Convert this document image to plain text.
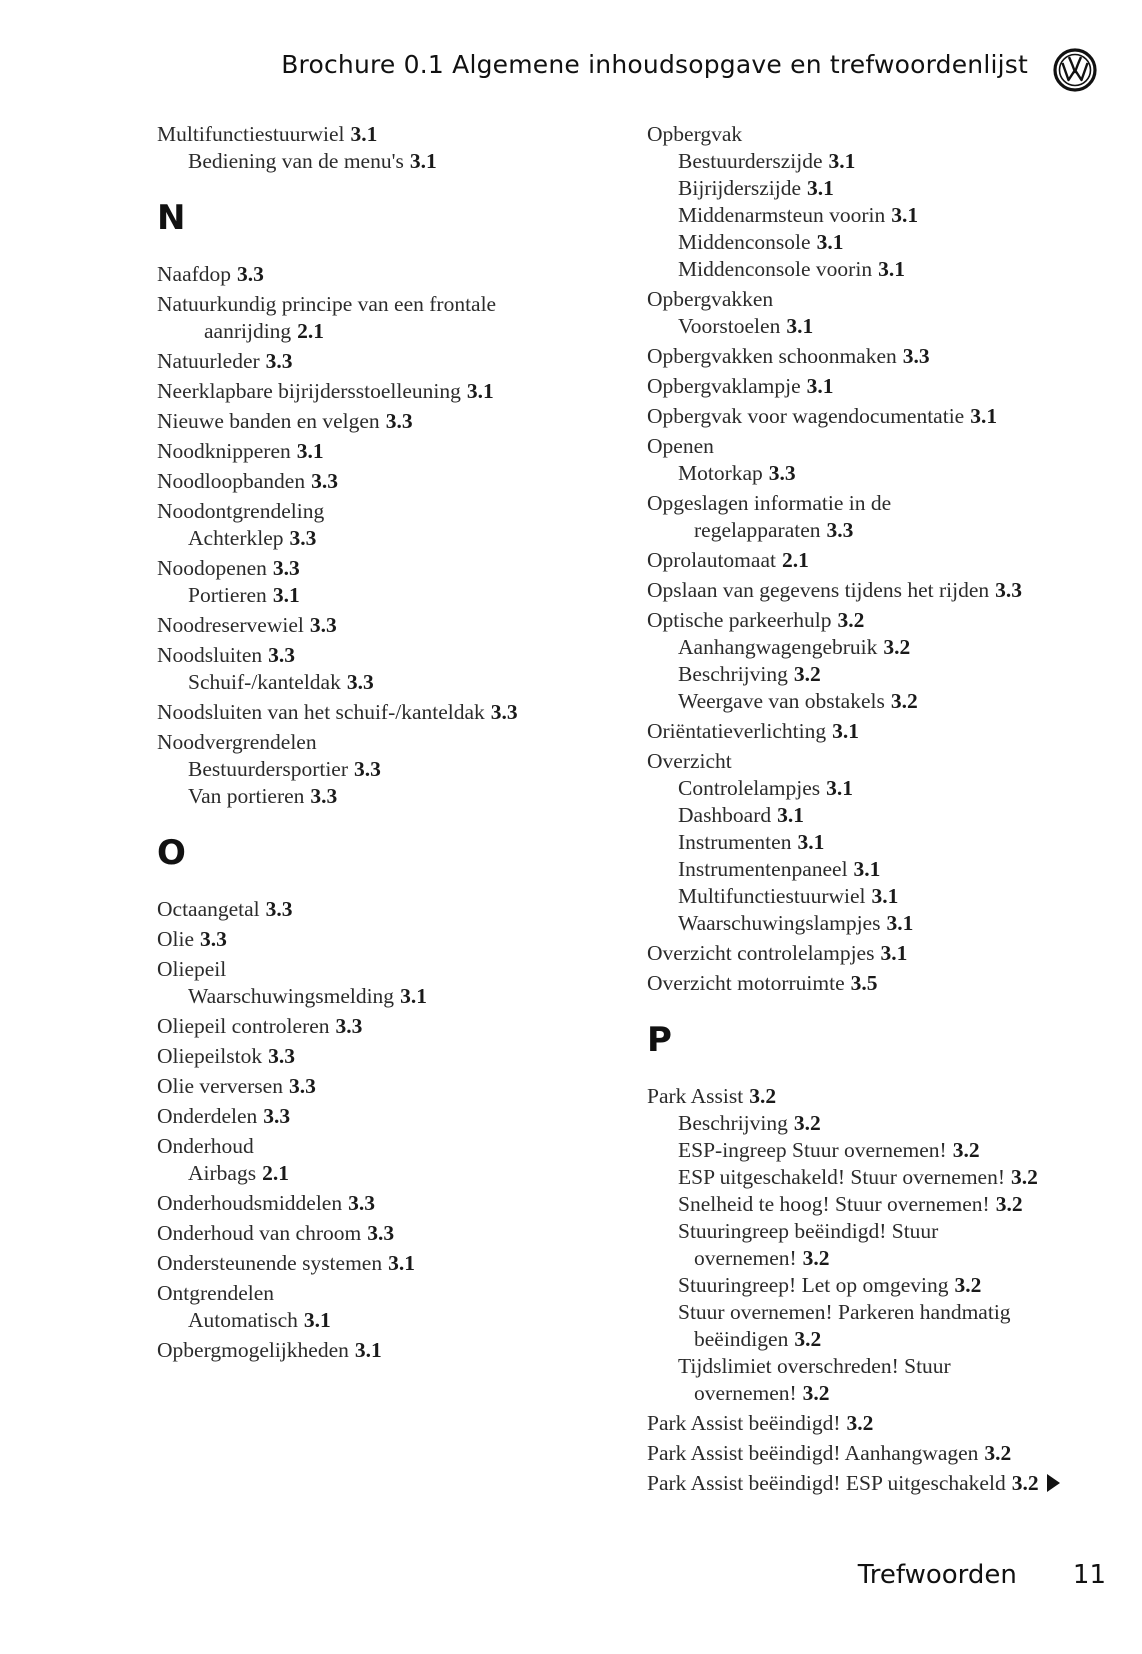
Brochure 0.1 Algemene inhoudsopgave en trefwoordenlijst
Multifunctiestuurwiel 3.1
Bediening van de menu's 3.1
N
Naafdop 3.3
Natuurkundig principe van een frontale
aanrijding 2.1
Natuurleder 3.3
Neerklapbare bijrijdersstoelleuning 3.1
Nieuwe banden en velgen 3.3
Noodknipperen 3.1
Noodloopbanden 3.3
Noodontgrendeling
Achterklep 3.3
Noodopenen 3.3
Portieren 3.1
Noodreservewiel 3.3
Noodsluiten 3.3
Schuif-/kanteldak 3.3
Noodsluiten van het schuif-/kanteldak 3.3
Noodvergrendelen
Bestuurdersportier 3.3
Van portieren 3.3
O
Octaangetal 3.3
Olie 3.3
Oliepeil
Waarschuwingsmelding 3.1
Oliepeil controleren 3.3
Oliepeilstok 3.3
Olie verversen 3.3
Onderdelen 3.3
Onderhoud
Airbags 2.1
Onderhoudsmiddelen 3.3
Onderhoud van chroom 3.3
Ondersteunende systemen 3.1
Ontgrendelen
Automatisch 3.1
Opbergmogelijkheden 3.1
Opbergvak
Bestuurderszijde 3.1
Bijrijderszijde 3.1
Middenarmsteun voorin 3.1
Middenconsole 3.1
Middenconsole voorin 3.1
Opbergvakken
Voorstoelen 3.1
Opbergvakken schoonmaken 3.3
Opbergvaklampje 3.1
Opbergvak voor wagendocumentatie 3.1
Openen
Motorkap 3.3
Opgeslagen informatie in de
regelapparaten 3.3
Oprolautomaat 2.1
Opslaan van gegevens tijdens het rijden 3.3
Optische parkeerhulp 3.2
Aanhangwagengebruik 3.2
Beschrijving 3.2
Weergave van obstakels 3.2
Oriëntatieverlichting 3.1
Overzicht
Controlelampjes 3.1
Dashboard 3.1
Instrumenten 3.1
Instrumentenpaneel 3.1
Multifunctiestuurwiel 3.1
Waarschuwingslampjes 3.1
Overzicht controlelampjes 3.1
Overzicht motorruimte 3.5
P
Park Assist 3.2
Beschrijving 3.2
ESP-ingreep Stuur overnemen! 3.2
ESP uitgeschakeld! Stuur overnemen! 3.2
Snelheid te hoog! Stuur overnemen! 3.2
Stuuringreep beëindigd! Stuur
overnemen! 3.2
Stuuringreep! Let op omgeving 3.2
Stuur overnemen! Parkeren handmatig
beëindigen 3.2
Tijdslimiet overschreden! Stuur
overnemen! 3.2
Park Assist beëindigd! 3.2
Park Assist beëindigd! Aanhangwagen 3.2
Park Assist beëindigd! ESP uitgeschakeld 3.2
Trefwoorden 11
